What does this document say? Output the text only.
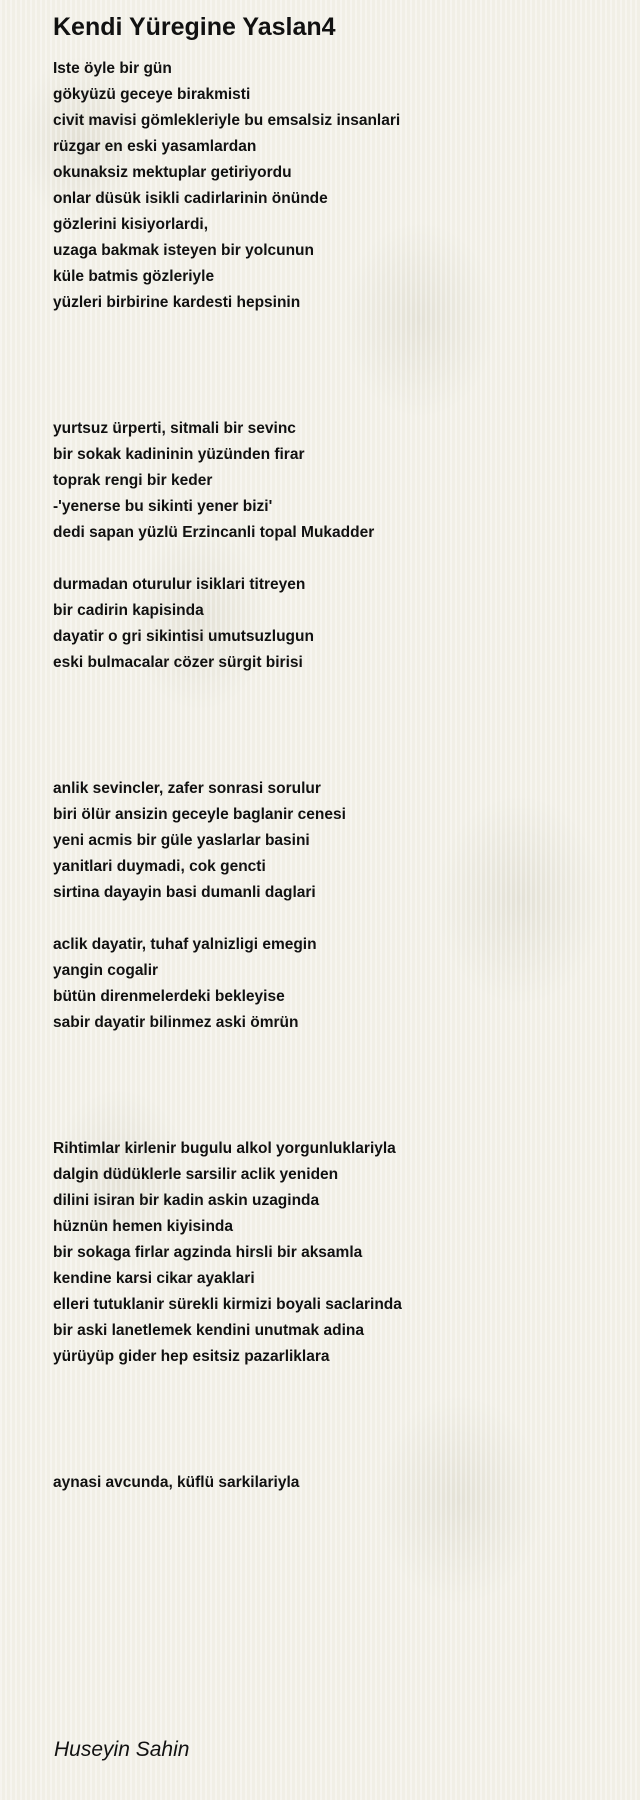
Kendi Yüregine Yaslan4
Iste öyle bir gün
gökyüzü geceye birakmisti
civit mavisi gömlekleriyle bu emsalsiz insanlari
rüzgar en eski yasamlardan
okunaksiz mektuplar getiriyordu
onlar düsük isikli cadirlarinin önünde
gözlerini kisiyorlardi,
uzaga bakmak isteyen bir yolcunun
küle batmis gözleriyle
yüzleri birbirine kardesti hepsinin
yurtsuz ürperti, sitmali bir sevinc
bir sokak kadininin yüzünden firar
toprak rengi bir keder
-'yenerse bu sikinti yener bizi'
dedi sapan yüzlü Erzincanli topal Mukadder
durmadan oturulur isiklari titreyen
bir cadirin kapisinda
dayatir o gri sikintisi umutsuzlugun
eski bulmacalar cözer sürgit birisi
anlik sevincler, zafer sonrasi sorulur
biri ölür ansizin geceyle baglanir cenesi
yeni acmis bir güle yaslarlar basini
yanitlari duymadi, cok gencti
sirtina dayayin basi dumanli daglari
aclik dayatir, tuhaf yalnizligi emegin
yangin cogalir
bütün direnmelerdeki bekleyise
sabir dayatir bilinmez aski ömrün
Rihtimlar kirlenir bugulu alkol yorgunluklariyla
dalgin düdüklerle sarsilir aclik yeniden
dilini isiran bir kadin askin uzaginda
hüznün hemen kiyisinda
bir sokaga firlar agzinda hirsli bir aksamla
kendine karsi cikar ayaklari
elleri tutuklanir sürekli kirmizi boyali saclarinda
bir aski lanetlemek kendini unutmak adina
yürüyüp gider hep esitsiz pazarliklara
aynasi avcunda, küflü sarkilariyla
Huseyin Sahin
